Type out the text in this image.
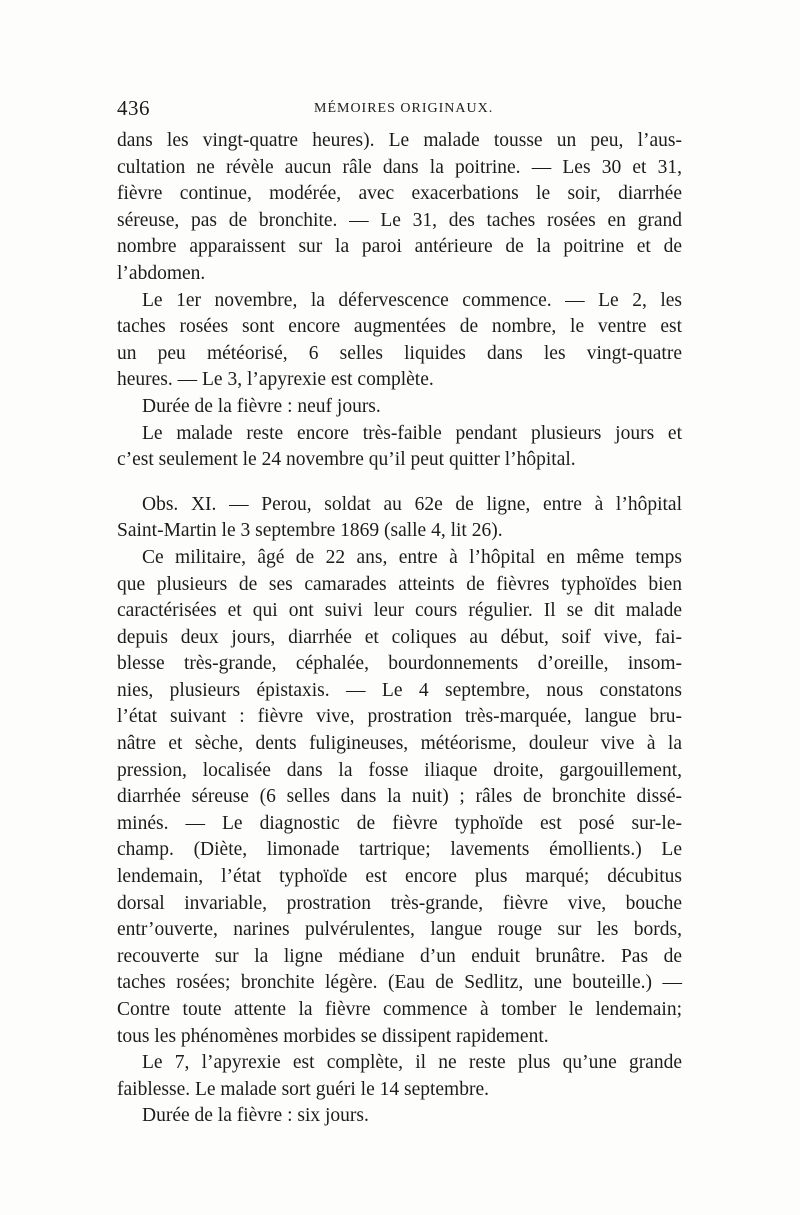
436	MÉMOIRES ORIGINAUX.
dans les vingt-quatre heures). Le malade tousse un peu, l’aus-
cultation ne révèle aucun râle dans la poitrine. — Les 30 et 31,
fièvre continue, modérée, avec exacerbations le soir, diarrhée
séreuse, pas de bronchite. — Le 31, des taches rosées en grand
nombre apparaissent sur la paroi antérieure de la poitrine et de
l’abdomen.
Le 1er novembre, la défervescence commence. — Le 2, les
taches rosées sont encore augmentées de nombre, le ventre est
un peu météorisé, 6 selles liquides dans les vingt-quatre
heures. — Le 3, l’apyrexie est complète.
Durée de la fièvre : neuf jours.
Le malade reste encore très-faible pendant plusieurs jours et
c’est seulement le 24 novembre qu’il peut quitter l’hôpital.
Obs. XI. — Perou, soldat au 62e de ligne, entre à l’hôpital
Saint-Martin le 3 septembre 1869 (salle 4, lit 26).
Ce militaire, âgé de 22 ans, entre à l’hôpital en même temps
que plusieurs de ses camarades atteints de fièvres typhoïdes bien
caractérisées et qui ont suivi leur cours régulier. Il se dit malade
depuis deux jours, diarrhée et coliques au début, soif vive, fai-
blesse très-grande, céphalée, bourdonnements d’oreille, insom-
nies, plusieurs épistaxis. — Le 4 septembre, nous constatons
l’état suivant : fièvre vive, prostration très-marquée, langue bru-
nâtre et sèche, dents fuligineuses, météorisme, douleur vive à la
pression, localisée dans la fosse iliaque droite, gargouillement,
diarrhée séreuse (6 selles dans la nuit) ; râles de bronchite dissé-
minés. — Le diagnostic de fièvre typhoïde est posé sur-le-
champ. (Diète, limonade tartrique; lavements émollients.) Le
lendemain, l’état typhoïde est encore plus marqué; décubitus
dorsal invariable, prostration très-grande, fièvre vive, bouche
entr’ouverte, narines pulvérulentes, langue rouge sur les bords,
recouverte sur la ligne médiane d’un enduit brunâtre. Pas de
taches rosées; bronchite légère. (Eau de Sedlitz, une bouteille.) —
Contre toute attente la fièvre commence à tomber le lendemain;
tous les phénomènes morbides se dissipent rapidement.
Le 7, l’apyrexie est complète, il ne reste plus qu’une grande
faiblesse. Le malade sort guéri le 14 septembre.
Durée de la fièvre : six jours.
